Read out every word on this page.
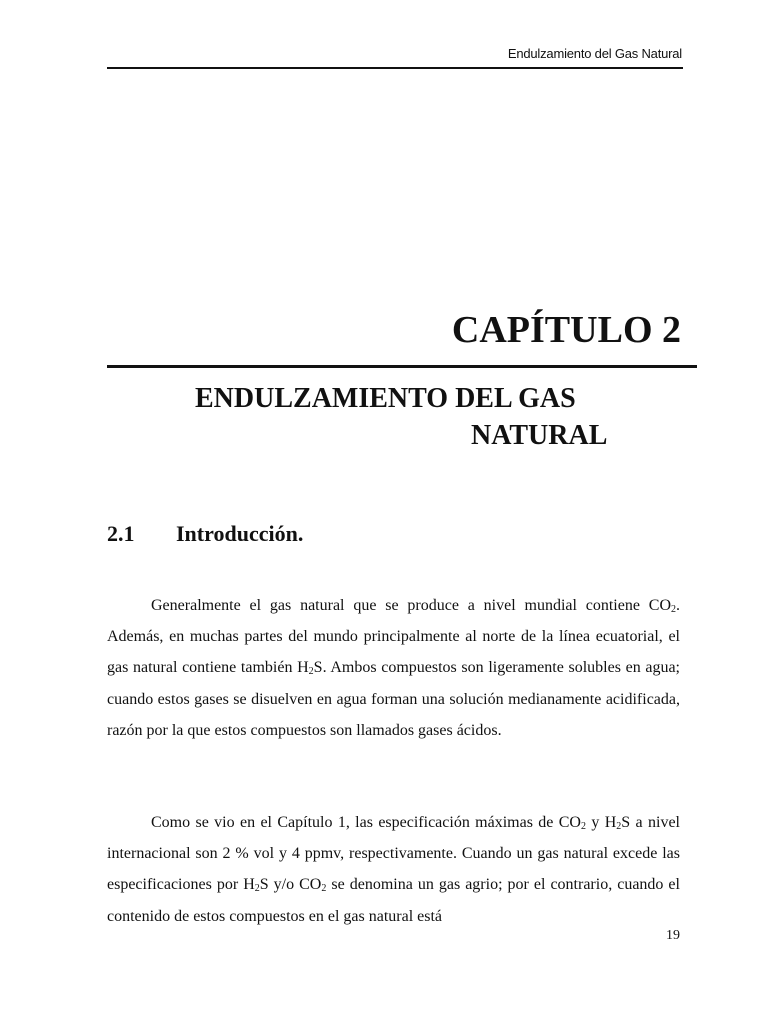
Endulzamiento del Gas Natural
CAPÍTULO 2
ENDULZAMIENTO DEL GAS
NATURAL
2.1 Introducción.

Generalmente el gas natural que se produce a nivel mundial contiene $CO_2$. Además, en muchas partes del mundo principalmente al norte de la línea ecuatorial, el gas natural contiene también $H_2S$. Ambos compuestos son ligeramente solubles en agua; cuando estos gases se disuelven en agua forman una solución medianamente acidificada, razón por la que estos compuestos son llamados gases ácidos.

Como se vio en el Capítulo 1, las especificación máximas de $CO_2$ y $H_2S$ a nivel internacional son 2 % vol y 4 ppmv, respectivamente. Cuando un gas natural excede las especificaciones por $H_2S$ y/o $CO_2$ se denomina un gas agrio; por el contrario, cuando el contenido de estos compuestos en el gas natural está

19
